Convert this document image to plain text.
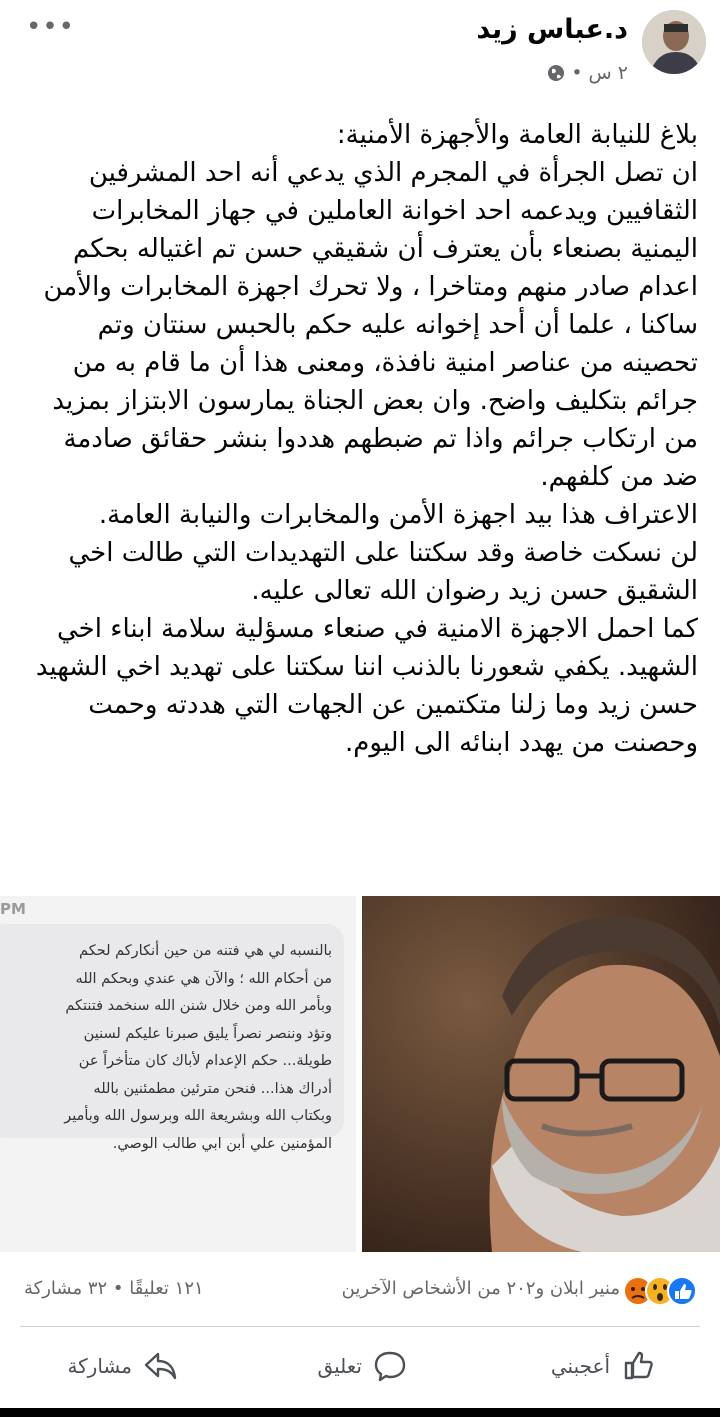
د.عباس زيد
٢ س
•
•••

بلاغ للنيابة العامة والأجهزة الأمنية:

ان تصل الجرأة في المجرم الذي يدعي أنه احد المشرفين الثقافيين ويدعمه احد اخوانة العاملين في جهاز المخابرات اليمنية بصنعاء بأن يعترف أن شقيقي حسن تم اغتياله بحكم اعدام صادر منهم ومتاخرا ، ولا تحرك اجهزة المخابرات والأمن ساكنا ، علما أن أحد إخوانه عليه حكم بالحبس سنتان وتم تحصينه من عناصر امنية نافذة، ومعنى هذا أن ما قام به من جرائم بتكليف واضح. وان بعض الجناة يمارسون الابتزاز بمزيد من ارتكاب جرائم واذا تم ضبطهم هددوا بنشر حقائق صادمة ضد من كلفهم.

الاعتراف هذا بيد اجهزة الأمن والمخابرات والنيابة العامة.

لن نسكت خاصة وقد سكتنا على التهديدات التي طالت اخي الشقيق حسن زيد رضوان الله تعالى عليه.

كما احمل الاجهزة الامنية في صنعاء مسؤلية سلامة ابناء اخي الشهيد. يكفي شعورنا بالذنب اننا سكتنا على تهديد اخي الشهيد حسن زيد وما زلنا متكتمين عن الجهات التي هددته وحمت وحصنت من يهدد ابنائه الى اليوم.

PM
بالنسبه لي هي فتنه من حين أنكاركم لحكم
من أحكام الله ؛ والآن هي عندي وبحكم الله
وبأمر الله ومن خلال شنن الله سنخمد فتنتكم
وتؤد وننصر نصراً يليق صبرنا عليكم لسنين
طويلة... حكم الإعدام لأباك كان متأخراً عن
أدراك هذا... فنحن مترئين مطمئنين بالله
وبكتاب الله وبشريعة الله وبرسول الله وبأمير
المؤمنين علي أبن ابي طالب الوصي.
منير ابلان و٢٠٢ من الأشخاص الآخرين
١٢١ تعليقًا • ٣٢ مشاركة
أعجبني
تعليق
مشاركة
